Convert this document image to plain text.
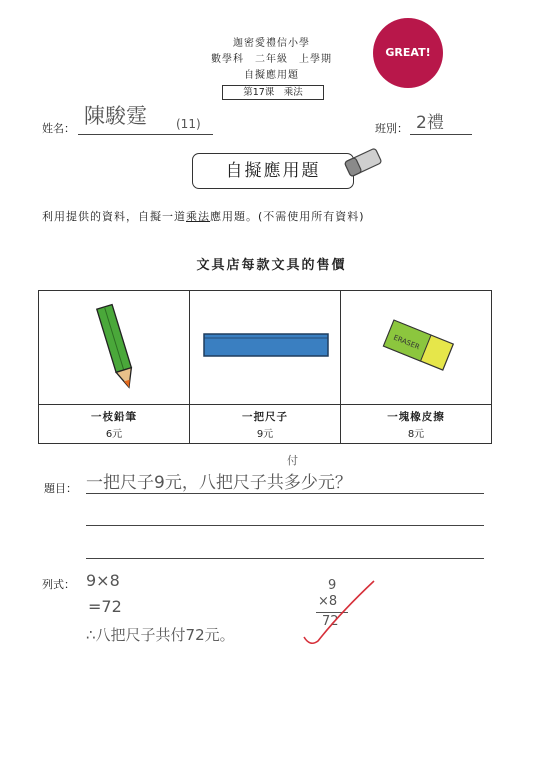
迦密愛禮信小學
數學科　二年級　上學期
自擬應用題
第17课　乘法
GREAT!
姓名：
陳駿霆 (11)	班別： 2禮
自擬應用題
利用提供的資料，自擬一道乘法應用題。(不需使用所有資料)
文具店每款文具的售價
ERASER
一枝鉛筆
6元
一把尺子
9元
一塊橡皮擦
8元
題目： 一把尺子9元，八把尺子共多少元？
付
列式： 9×8
=72
∴八把尺子共付72元。
9
×8
72
